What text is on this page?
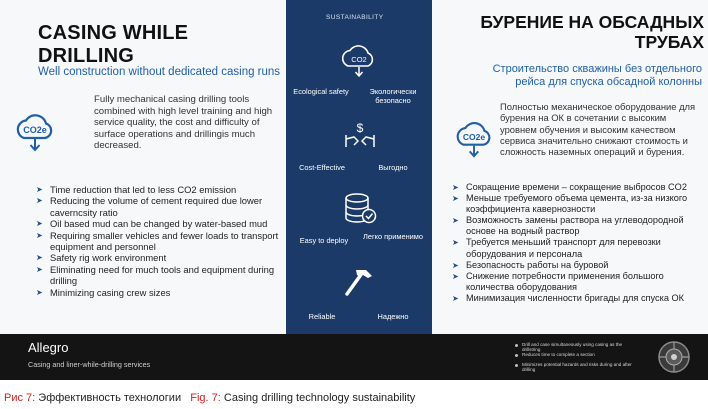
CASING WHILE DRILLING
Well construction without dedicated casing runs
CO2e
Fully mechanical casing drilling tools combined with high level training and high service quality, the cost and difficulty of surface operations and drillingis much decreased.
➤ Time reduction that led to less CO2 emission
➤ Reducing the volume of cement required due lower caverncsity ratio
➤ Oil based mud can be changed by water-based mud
➤ Requiring smaller vehicles and fewer loads to transport equipment and personnel
➤ Safety rig work environment
➤ Eliminating need for much tools and equipment during drilling
➤ Minimizing casing crew sizes
SUSTAINABILITY
CO2
Ecological safety	Экологически безопасно
$
Cost-Effective	Выгодно
Easy to deploy	Легко применимо
Reliable	Надежно
БУРЕНИЕ НА ОБСАДНЫХ ТРУБАХ
Строительство скважины без отдельного рейса для спуска обсадной колонны
CO2e
Полностью механическое оборудование для бурения на ОК в сочетании с высоким уровнем обучения и высоким качеством сервиса значительно снижают стоимость и сложность наземных операций и бурения.
➤ Сокращение времени – сокращение выбросов CO2
➤ Меньше требуемого объема цемента, из-за низкого коэффициента кавернозности
➤ Возможность замены раствора на углеводородной основе на водный раствор
➤ Требуется меньший транспорт для перевозки оборудования и персонала
➤ Безопасность работы на буровой
➤ Снижение потребности применения большого количества оборудования
➤ Минимизация численности бригады для спуска ОК
Allegro
Casing and liner-while-drilling services
Drill and case simultaneously using casing as the drillstring
Reduces time to complete a section
Minimizes potential hazards and risks during and after drilling
Рис 7: Эффективность технологии Fig. 7: Casing drilling technology sustainability
